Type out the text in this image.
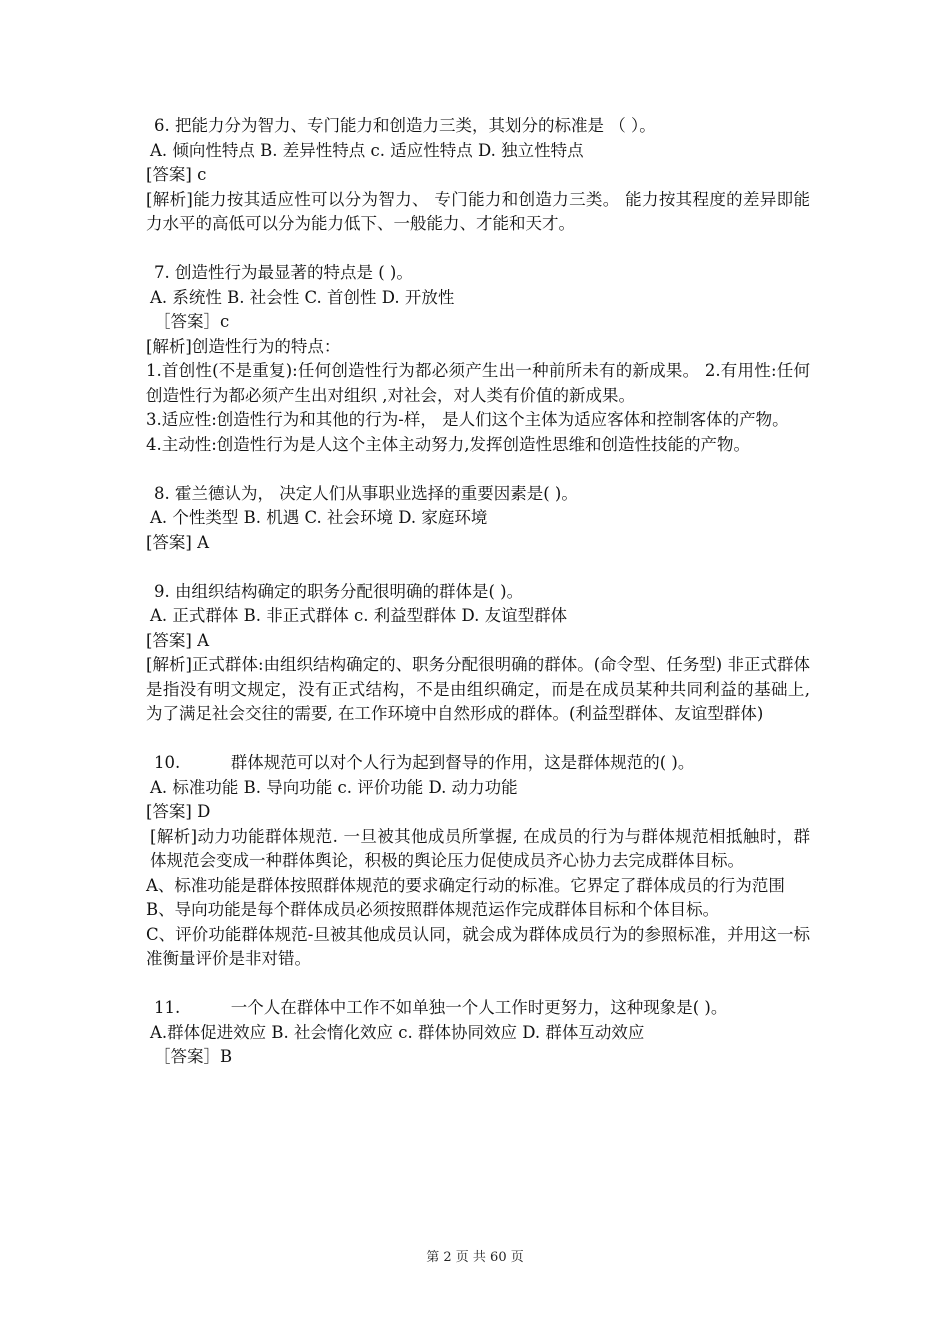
6. 把能力分为智力、专门能力和创造力三类，其划分的标准是 （ ）。
A. 倾向性特点 B. 差异性特点 c. 适应性特点 D. 独立性特点
[答案] c
[解析]能力按其适应性可以分为智力、 专门能力和创造力三类。 能力按其程度的差异即能力水平的高低可以分为能力低下、一般能力、才能和天才。
7. 创造性行为最显著的特点是 ( )。
A. 系统性 B. 社会性 C. 首创性 D. 开放性
［答案］c
[解析]创造性行为的特点：
1.首创性(不是重复):任何创造性行为都必须产生出一种前所未有的新成果。 2.有用性:任何创造性行为都必须产生出对组织 ,对社会，对人类有价值的新成果。
3.适应性:创造性行为和其他的行为-样， 是人们这个主体为适应客体和控制客体的产物。
4.主动性:创造性行为是人这个主体主动努力,发挥创造性思维和创造性技能的产物。
8. 霍兰德认为， 决定人们从事职业选择的重要因素是( )。
A. 个性类型 B. 机遇 C. 社会环境 D. 家庭环境
[答案] A
9. 由组织结构确定的职务分配很明确的群体是( )。
A. 正式群体 B. 非正式群体 c. 利益型群体 D. 友谊型群体
[答案] A
[解析]正式群体:由组织结构确定的、职务分配很明确的群体。(命令型、任务型) 非正式群体是指没有明文规定，没有正式结构，不是由组织确定，而是在成员某种共同利益的基础上, 为了满足社会交往的需要, 在工作环境中自然形成的群体。(利益型群体、友谊型群体)
10.	群体规范可以对个人行为起到督导的作用，这是群体规范的( )。
A. 标准功能 B. 导向功能 c. 评价功能 D. 动力功能
[答案] D
[解析]动力功能群体规范. 一旦被其他成员所掌握, 在成员的行为与群体规范相抵触时，群体规范会变成一种群体舆论，积极的舆论压力促使成员齐心协力去完成群体目标。
A、标准功能是群体按照群体规范的要求确定行动的标准。它界定了群体成员的行为范围
B、导向功能是每个群体成员必须按照群体规范运作完成群体目标和个体目标。
C、评价功能群体规范-旦被其他成员认同，就会成为群体成员行为的参照标准，并用这一标准衡量评价是非对错。
11.	一个人在群体中工作不如单独一个人工作时更努力，这种现象是( )。
A.群体促进效应 B. 社会惰化效应 c. 群体协同效应 D. 群体互动效应
［答案］B
第 2 页 共 60 页
